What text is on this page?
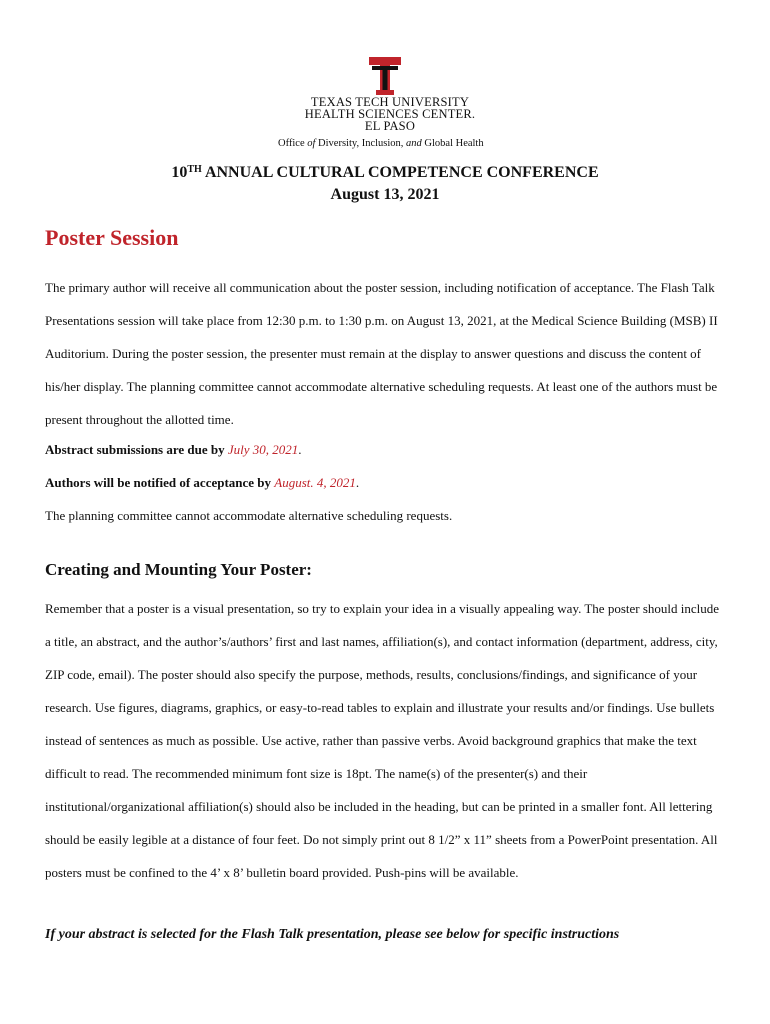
TEXAS TECH UNIVERSITY
HEALTH SCIENCES CENTER.
EL PASO
Office of Diversity, Inclusion, and Global Health
10TH ANNUAL CULTURAL COMPETENCE CONFERENCE
August 13, 2021
Poster Session
The primary author will receive all communication about the poster session, including notification of acceptance. The Flash Talk Presentations session will take place from 12:30 p.m. to 1:30 p.m. on August 13, 2021, at the Medical Science Building (MSB) II Auditorium. During the poster session, the presenter must remain at the display to answer questions and discuss the content of his/her display. The planning committee cannot accommodate alternative scheduling requests. At least one of the authors must be present throughout the allotted time.
Abstract submissions are due by July 30, 2021.
Authors will be notified of acceptance by August. 4, 2021.
The planning committee cannot accommodate alternative scheduling requests.
Creating and Mounting Your Poster:
Remember that a poster is a visual presentation, so try to explain your idea in a visually appealing way. The poster should include a title, an abstract, and the author’s/authors’ first and last names, affiliation(s), and contact information (department, address, city, ZIP code, email). The poster should also specify the purpose, methods, results, conclusions/findings, and significance of your research. Use figures, diagrams, graphics, or easy-to-read tables to explain and illustrate your results and/or findings. Use bullets instead of sentences as much as possible. Use active, rather than passive verbs. Avoid background graphics that make the text difficult to read. The recommended minimum font size is 18pt. The name(s) of the presenter(s) and their institutional/organizational affiliation(s) should also be included in the heading, but can be printed in a smaller font. All lettering should be easily legible at a distance of four feet. Do not simply print out 8 1/2” x 11” sheets from a PowerPoint presentation. All posters must be confined to the 4’ x 8’ bulletin board provided. Push-pins will be available.
If your abstract is selected for the Flash Talk presentation, please see below for specific instructions
